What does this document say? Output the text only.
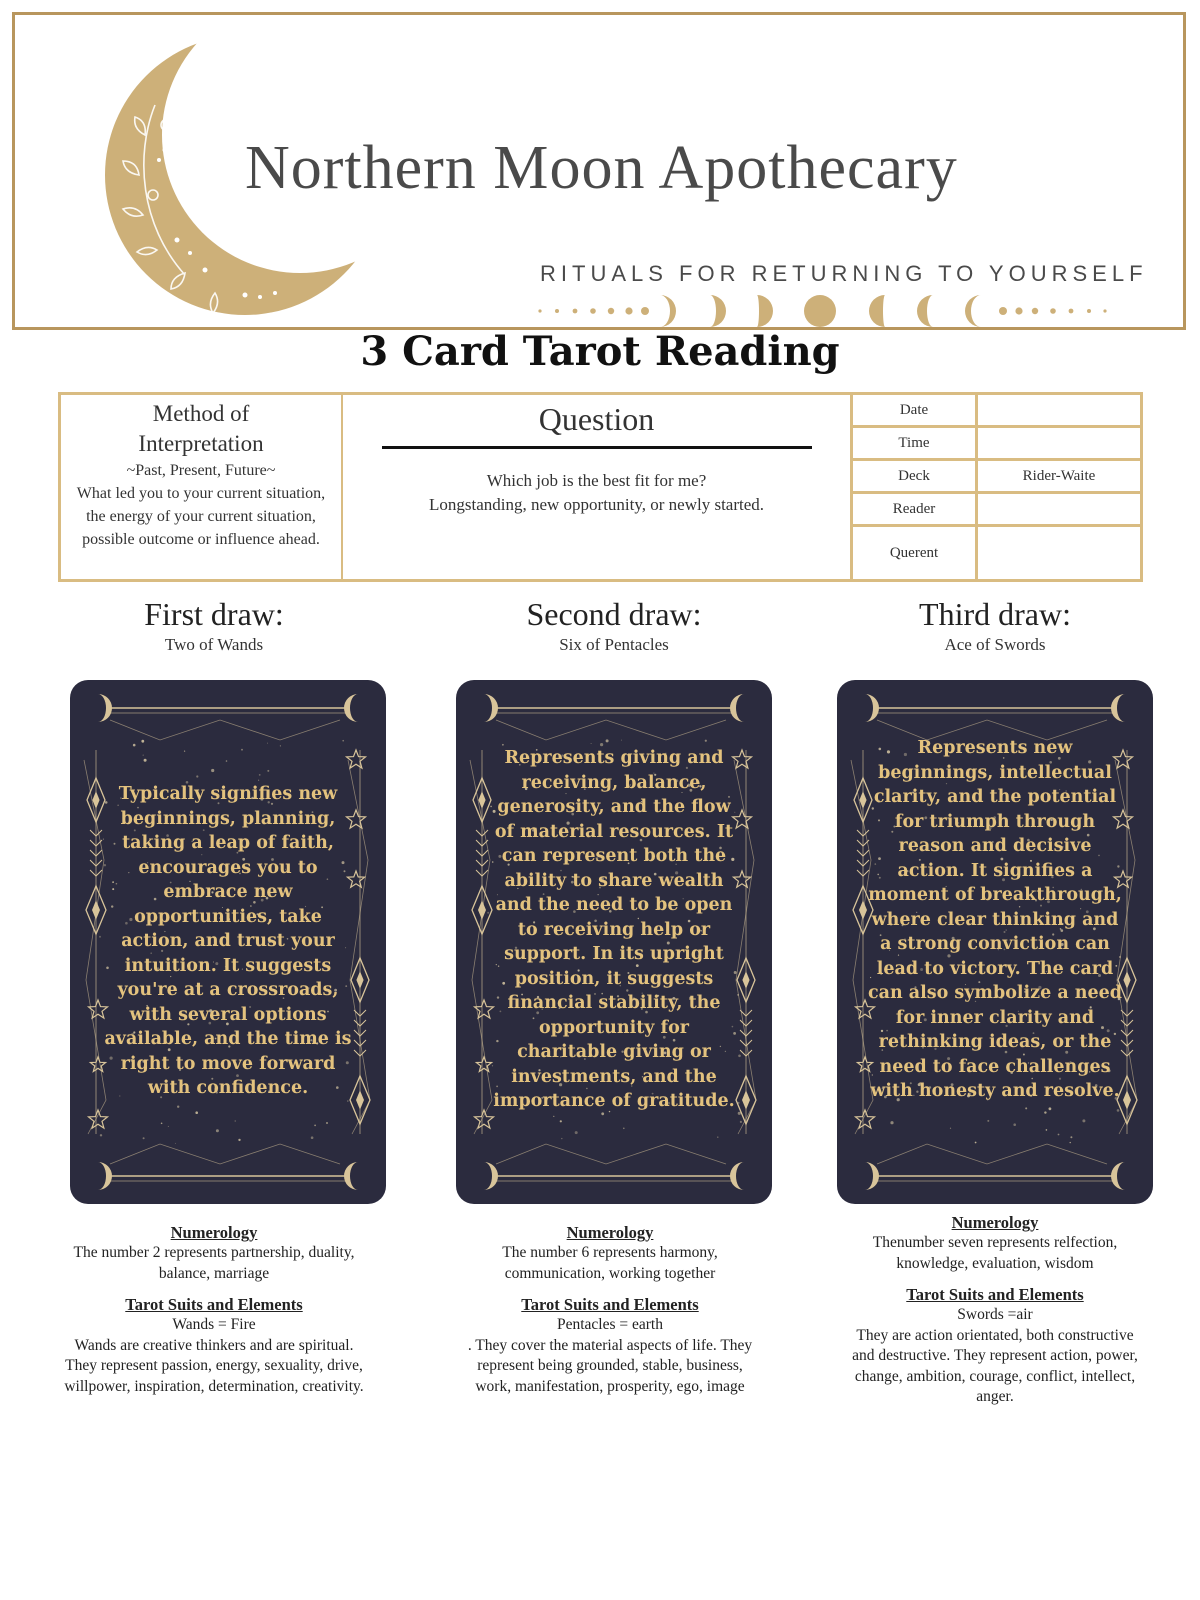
Northern Moon Apothecary
RITUALS FOR RETURNING TO YOURSELF
3 Card Tarot Reading
Method of
Interpretation
~Past, Present, Future~
What led you to your current situation, the energy of your current situation, possible outcome or influence ahead.
Question
Which job is the best fit for me?
Longstanding, new opportunity, or newly started.
Date
Time
Deck	Rider-Waite
Reader
Querent
First draw:
Two of Wands
Second draw:
Six of Pentacles
Third draw:
Ace of Swords
Typically signifies new beginnings, planning, taking a leap of faith, encourages you to embrace new opportunities, take action, and trust your intuition. It suggests you're at a crossroads, with several options available, and the time is right to move forward with confidence.
Represents giving and receiving, balance, generosity, and the flow of material resources. It can represent both the ability to share wealth and the need to be open to receiving help or support. In its upright position, it suggests financial stability, the opportunity for charitable giving or investments, and the importance of gratitude.
Represents new beginnings, intellectual clarity, and the potential for triumph through reason and decisive action. It signifies a moment of breakthrough, where clear thinking and a strong conviction can lead to victory. The card can also symbolize a need for inner clarity and rethinking ideas, or the need to face challenges with honesty and resolve.
Numerology
The number 2 represents partnership, duality, balance, marriage
Tarot Suits and Elements
Wands = Fire
Wands are creative thinkers and are spiritual. They represent passion, energy, sexuality, drive, willpower, inspiration, determination, creativity.
Numerology
The number 6 represents harmony, communication, working together
Tarot Suits and Elements
Pentacles = earth
. They cover the material aspects of life. They represent being grounded, stable, business, work, manifestation, prosperity, ego, image
Numerology
Thenumber seven represents relfection, knowledge, evaluation, wisdom
Tarot Suits and Elements
Swords =air
They are action orientated, both constructive and destructive. They represent action, power, change, ambition, courage, conflict, intellect, anger.
